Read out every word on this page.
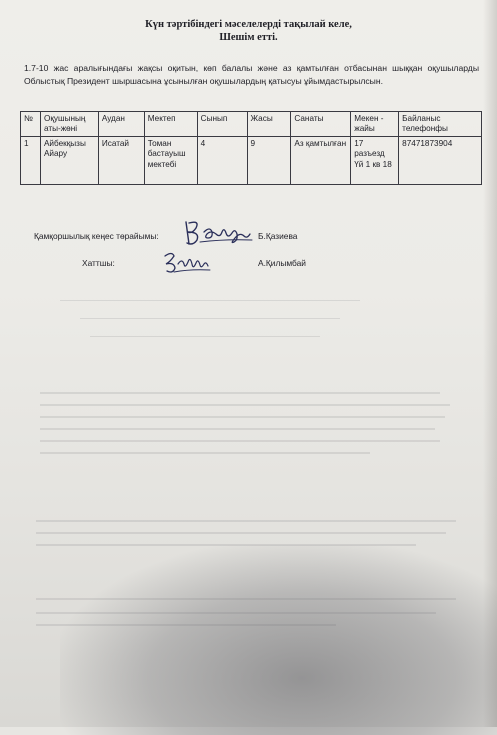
Күн тәртібіндегі мәселелерді тақылай келе,
Шешім етті.
1.7-10 жас аралығындағы жақсы оқитын, көп балалы және аз қамтылған отбасынан шыққан оқушыларды Облыстық Президент шыршасына ұсынылған оқушылардың қатысуы ұйымдастырылсын.
№	Оқушының аты-жөні	Аудан	Мектеп	Сынып	Жасы	Санаты	Мекен - жайы	Байланыс телефонфы
1	Айбекқызы Айару	Исатай	Томан бастауыш мектебі	4	9	Аз қамтылған	17 разъезд Үй 1 кв 18	87471873904
Қамқоршылық кеңес төрайымы:	Б.Қазиева
Хаттшы:	А.Қилымбай
